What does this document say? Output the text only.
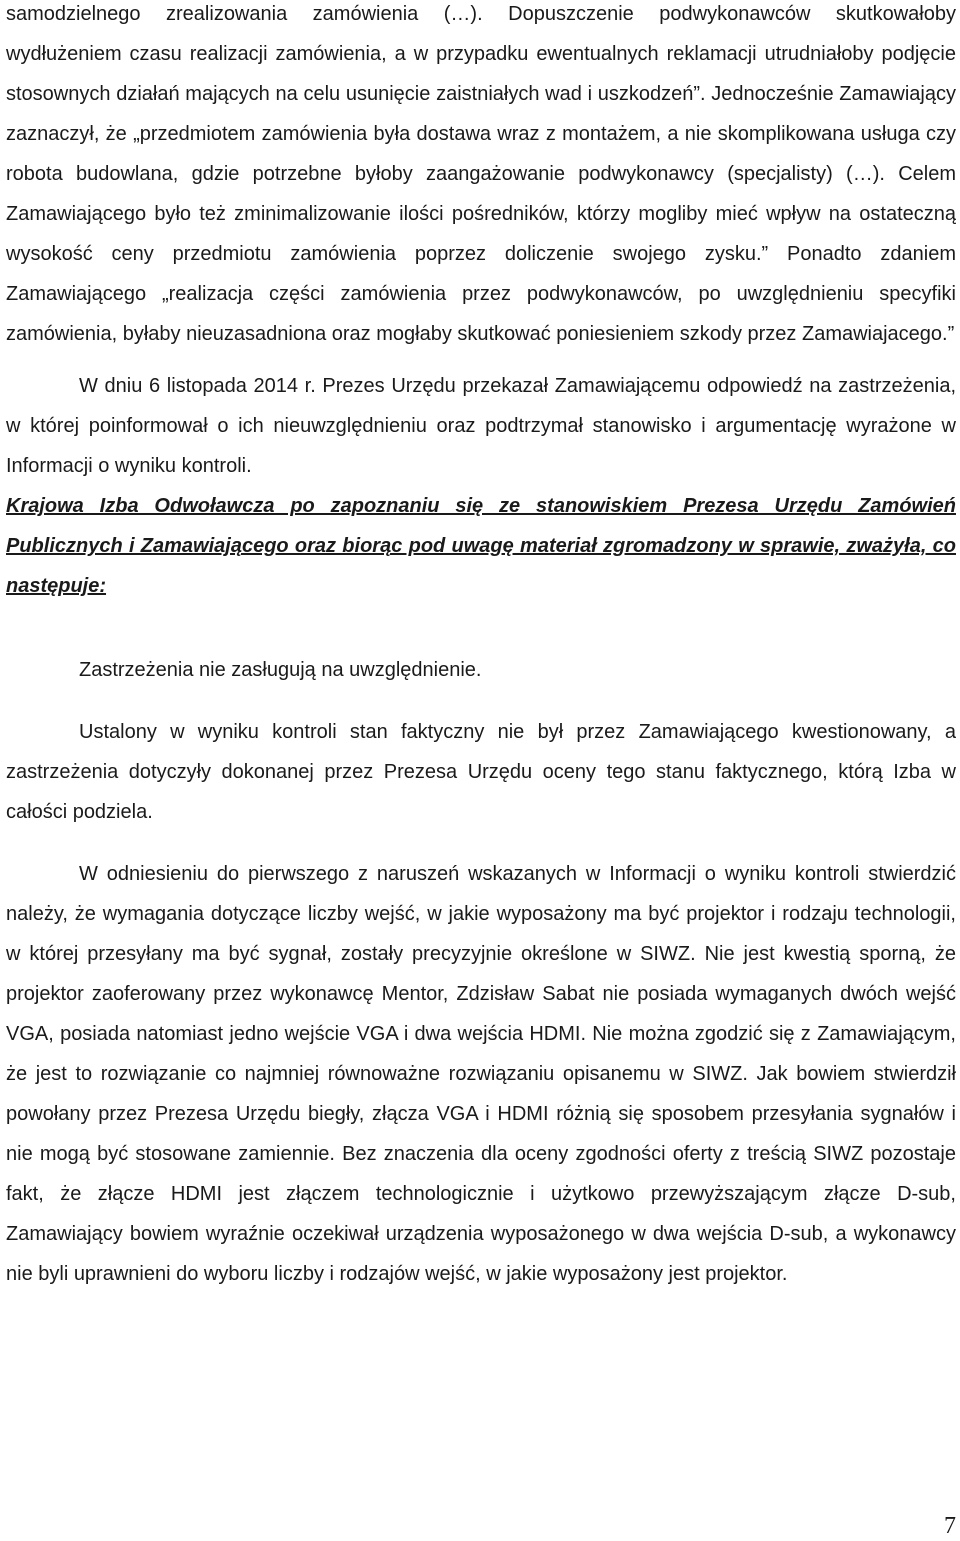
samodzielnego zrealizowania zamówienia (…). Dopuszczenie podwykonawców skutkowałoby wydłużeniem czasu realizacji zamówienia, a w przypadku ewentualnych reklamacji utrudniałoby podjęcie stosownych działań mających na celu usunięcie zaistniałych wad i uszkodzeń”. Jednocześnie Zamawiający zaznaczył, że „przedmiotem zamówienia była dostawa wraz z montażem, a nie skomplikowana usługa czy robota budowlana, gdzie potrzebne byłoby zaangażowanie podwykonawcy (specjalisty) (…). Celem Zamawiającego było też zminimalizowanie ilości pośredników, którzy mogliby mieć wpływ na ostateczną wysokość ceny przedmiotu zamówienia poprzez doliczenie swojego zysku.” Ponadto zdaniem Zamawiającego „realizacja części zamówienia przez podwykonawców, po uwzględnieniu specyfiki zamówienia, byłaby nieuzasadniona oraz mogłaby skutkować poniesieniem szkody przez Zamawiajacego.”

W dniu 6 listopada 2014 r. Prezes Urzędu przekazał Zamawiającemu odpowiedź na zastrzeżenia, w której poinformował o ich nieuwzględnieniu oraz podtrzymał stanowisko i argumentację wyrażone w Informacji o wyniku kontroli.

Krajowa Izba Odwoławcza po zapoznaniu się ze stanowiskiem Prezesa Urzędu Zamówień Publicznych i Zamawiającego oraz biorąc pod uwagę materiał zgromadzony w sprawie, zważyła, co następuje:

Zastrzeżenia nie zasługują na uwzględnienie.

Ustalony w wyniku kontroli stan faktyczny nie był przez Zamawiającego kwestionowany, a zastrzeżenia dotyczyły dokonanej przez Prezesa Urzędu oceny tego stanu faktycznego, którą Izba w całości podziela.

W odniesieniu do pierwszego z naruszeń wskazanych w Informacji o wyniku kontroli stwierdzić należy, że wymagania dotyczące liczby wejść, w jakie wyposażony ma być projektor i rodzaju technologii, w której przesyłany ma być sygnał, zostały precyzyjnie określone w SIWZ. Nie jest kwestią sporną, że projektor zaoferowany przez wykonawcę Mentor, Zdzisław Sabat nie posiada wymaganych dwóch wejść VGA, posiada natomiast jedno wejście VGA i dwa wejścia HDMI. Nie można zgodzić się z Zamawiającym, że jest to rozwiązanie co najmniej równoważne rozwiązaniu opisanemu w SIWZ. Jak bowiem stwierdził powołany przez Prezesa Urzędu biegły, złącza VGA i HDMI różnią się sposobem przesyłania sygnałów i nie mogą być stosowane zamiennie. Bez znaczenia dla oceny zgodności oferty z treścią SIWZ pozostaje fakt, że złącze HDMI jest złączem technologicznie i użytkowo przewyższającym złącze D-sub, Zamawiający bowiem wyraźnie oczekiwał urządzenia wyposażonego w dwa wejścia D-sub, a wykonawcy nie byli uprawnieni do wyboru liczby i rodzajów wejść, w jakie wyposażony jest projektor.

7
